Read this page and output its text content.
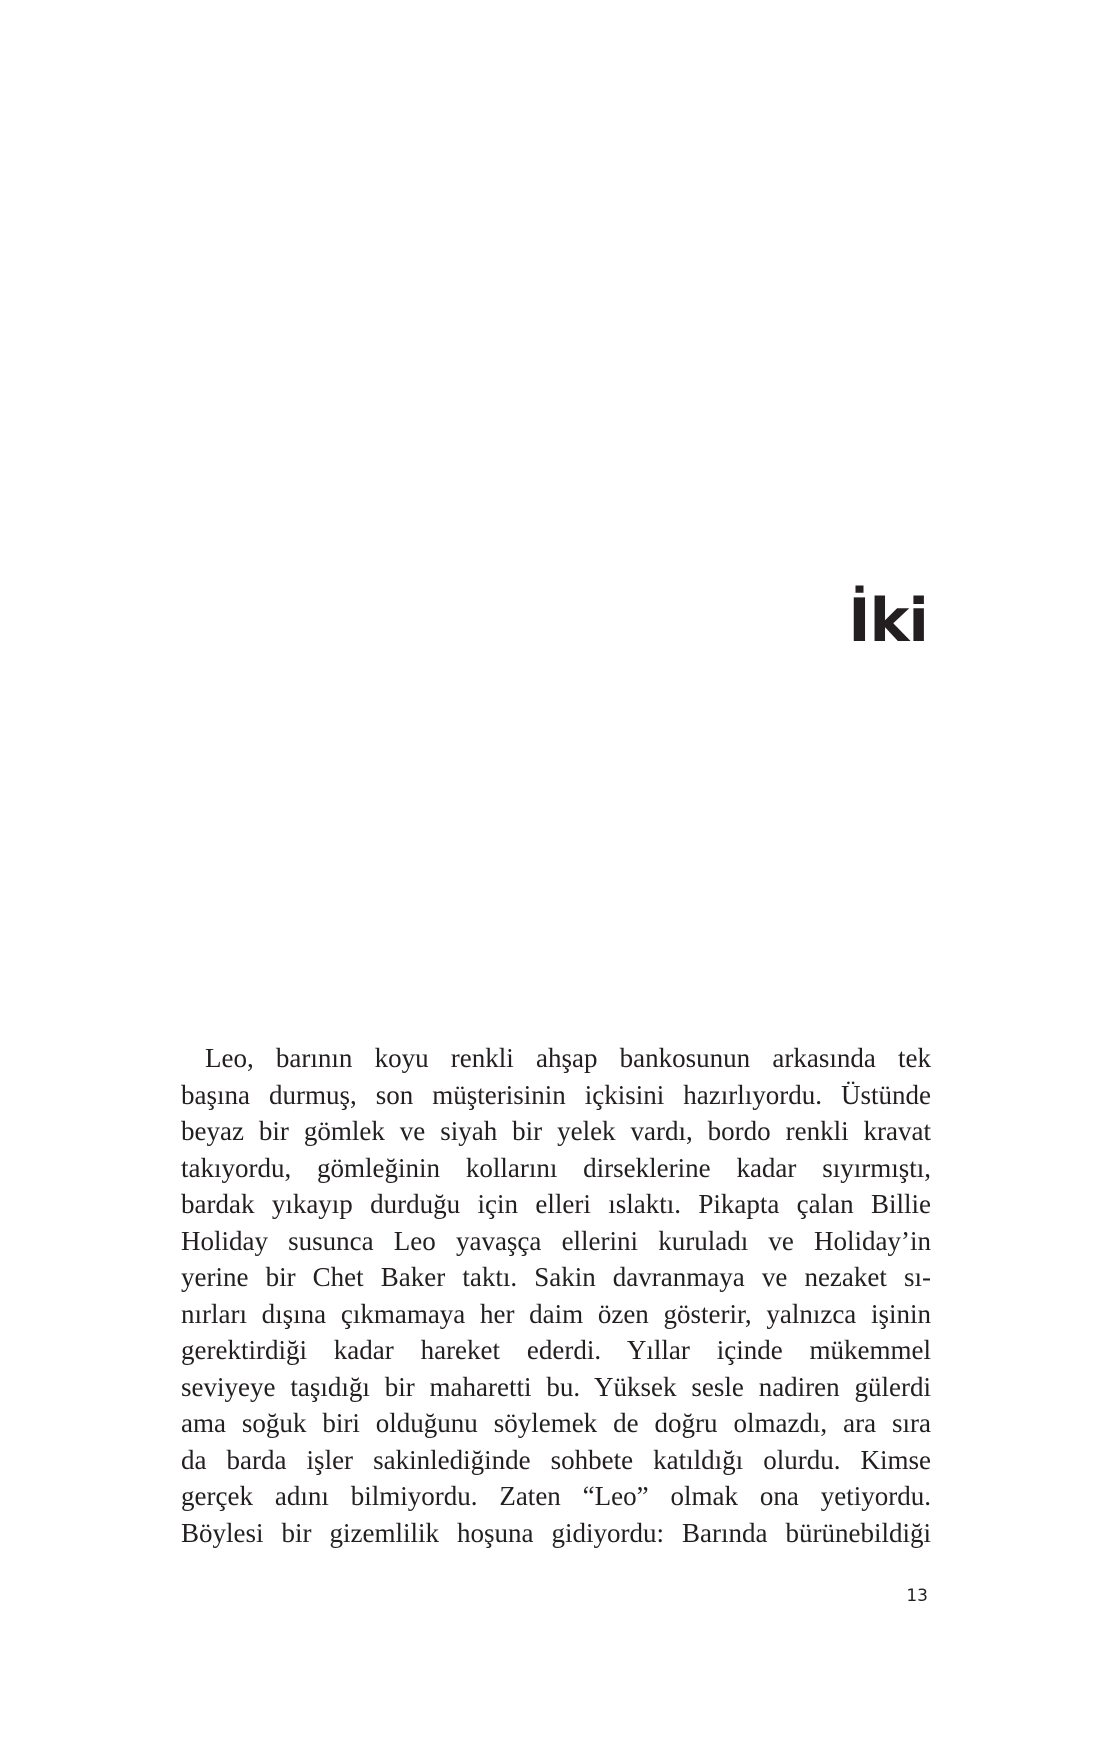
İki
Leo, barının koyu renkli ahşap bankosunun arkasında tek
başına durmuş, son müşterisinin içkisini hazırlıyordu. Üstünde
beyaz bir gömlek ve siyah bir yelek vardı, bordo renkli kravat
takıyordu, gömleğinin kollarını dirseklerine kadar sıyırmıştı,
bardak yıkayıp durduğu için elleri ıslaktı. Pikapta çalan Billie
Holiday susunca Leo yavaşça ellerini kuruladı ve Holiday’in
yerine bir Chet Baker taktı. Sakin davranmaya ve nezaket sı-
nırları dışına çıkmamaya her daim özen gösterir, yalnızca işinin
gerektirdiği kadar hareket ederdi. Yıllar içinde mükemmel
seviyeye taşıdığı bir maharetti bu. Yüksek sesle nadiren gülerdi
ama soğuk biri olduğunu söylemek de doğru olmazdı, ara sıra
da barda işler sakinlediğinde sohbete katıldığı olurdu. Kimse
gerçek adını bilmiyordu. Zaten “Leo” olmak ona yetiyordu.
Böylesi bir gizemlilik hoşuna gidiyordu: Barında bürünebildiği

13
